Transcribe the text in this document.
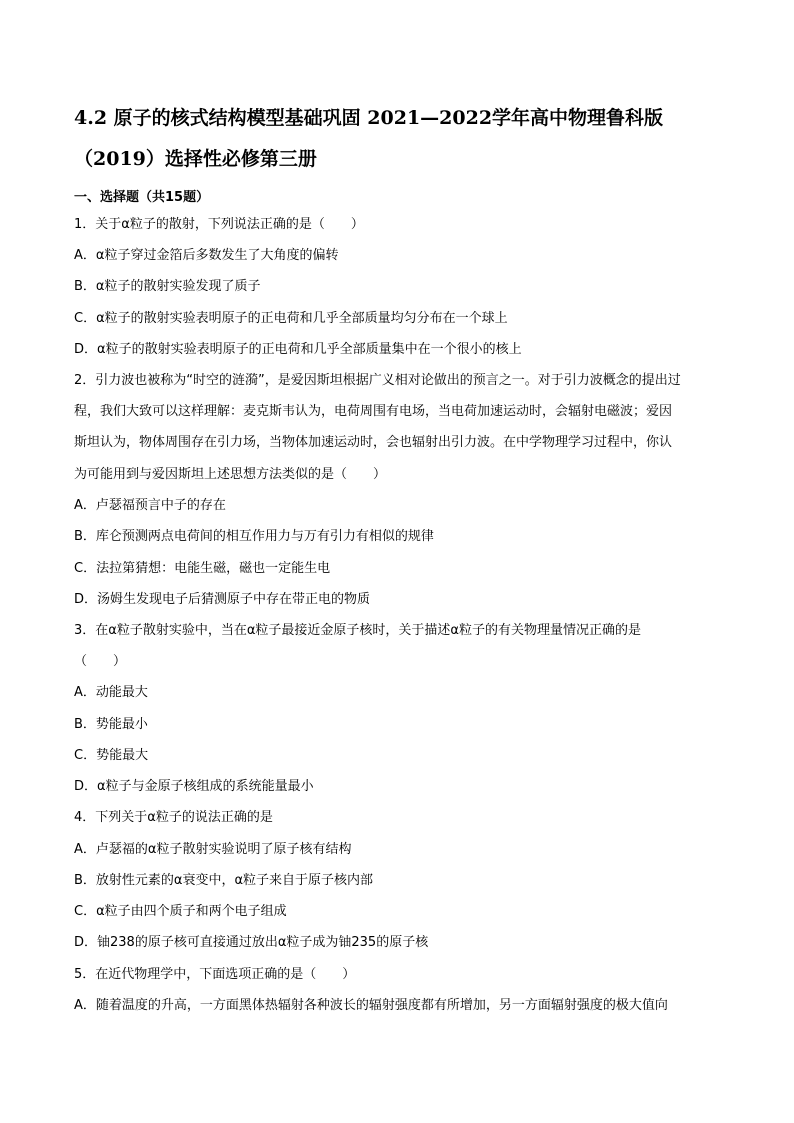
4.2 原子的核式结构模型基础巩固 2021—2022学年高中物理鲁科版
（2019）选择性必修第三册
一、选择题（共15题）
1．关于α粒子的散射，下列说法正确的是（　　）
A．α粒子穿过金箔后多数发生了大角度的偏转
B．α粒子的散射实验发现了质子
C．α粒子的散射实验表明原子的正电荷和几乎全部质量均匀分布在一个球上
D．α粒子的散射实验表明原子的正电荷和几乎全部质量集中在一个很小的核上
2．引力波也被称为“时空的涟漪”，是爱因斯坦根据广义相对论做出的预言之一。对于引力波概念的提出过
程，我们大致可以这样理解：麦克斯韦认为，电荷周围有电场，当电荷加速运动时，会辐射电磁波；爱因
斯坦认为，物体周围存在引力场，当物体加速运动时，会也辐射出引力波。在中学物理学习过程中，你认
为可能用到与爱因斯坦上述思想方法类似的是（　　）
A．卢瑟福预言中子的存在
B．库仑预测两点电荷间的相互作用力与万有引力有相似的规律
C．法拉第猜想：电能生磁，磁也一定能生电
D．汤姆生发现电子后猜测原子中存在带正电的物质
3．在α粒子散射实验中，当在α粒子最接近金原子核时，关于描述α粒子的有关物理量情况正确的是
（　　）
A．动能最大
B．势能最小
C．势能最大
D．α粒子与金原子核组成的系统能量最小
4．下列关于α粒子的说法正确的是
A．卢瑟福的α粒子散射实验说明了原子核有结构
B．放射性元素的α衰变中，α粒子来自于原子核内部
C．α粒子由四个质子和两个电子组成
D．铀238的原子核可直接通过放出α粒子成为铀235的原子核
5．在近代物理学中，下面选项正确的是（　　）
A．随着温度的升高，一方面黑体热辐射各种波长的辐射强度都有所增加，另一方面辐射强度的极大值向
